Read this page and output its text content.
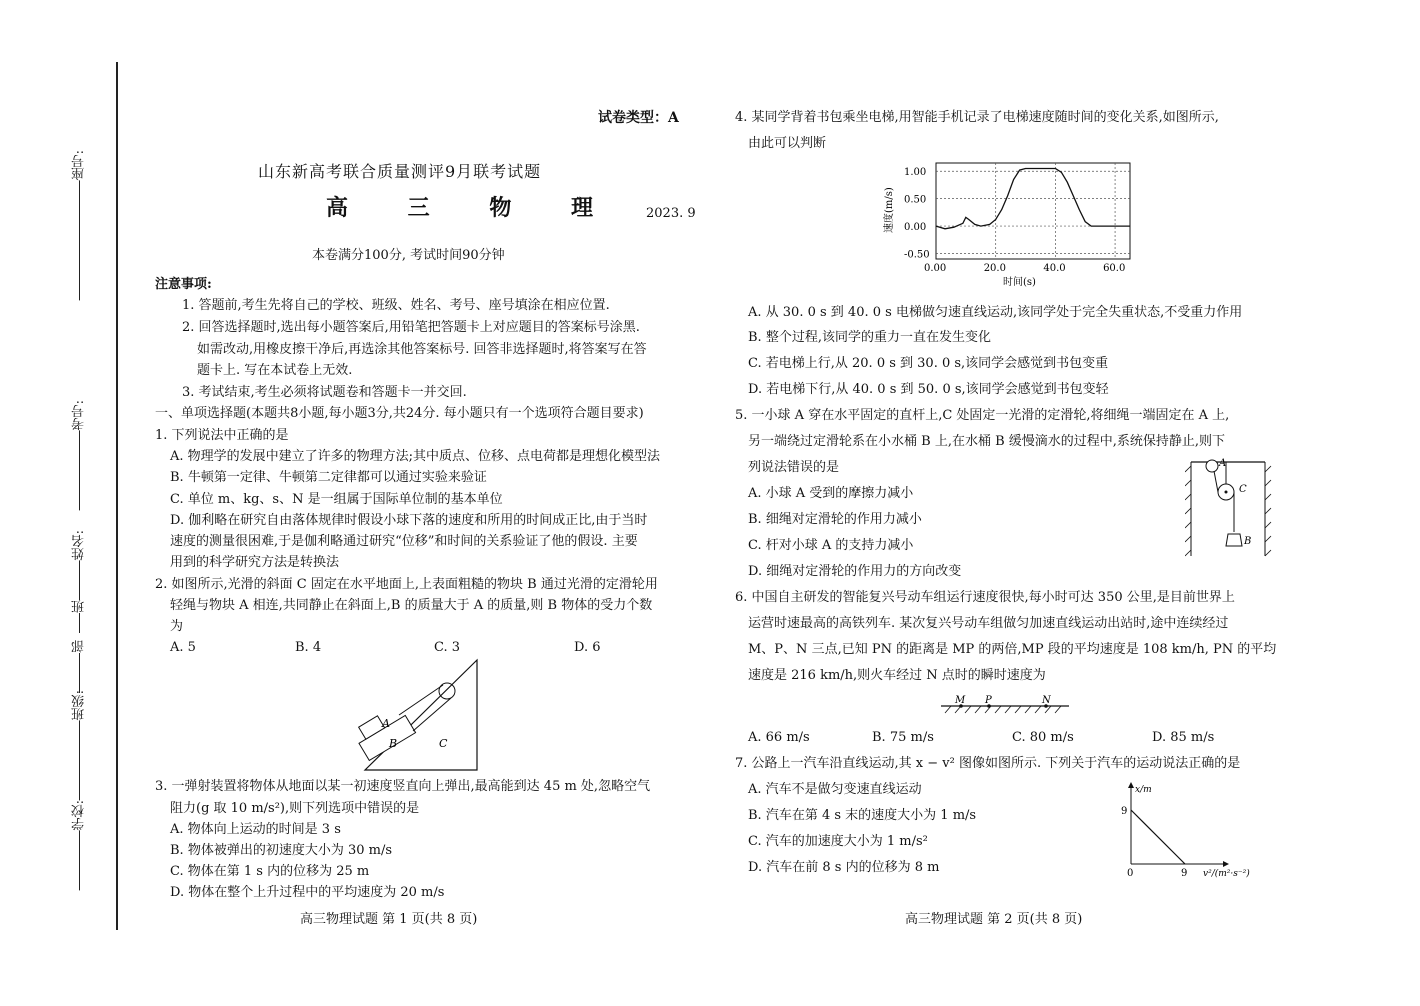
座号:
考号:
姓名:
班
部
班级:
学校:
试卷类型：A
山东新高考联合质量测评9月联考试题
高 三 物 理 2023. 9
本卷满分100分, 考试时间90分钟
注意事项:
1. 答题前,考生先将自己的学校、班级、姓名、考号、座号填涂在相应位置.
2. 回答选择题时,选出每小题答案后,用铅笔把答题卡上对应题目的答案标号涂黑.
如需改动,用橡皮擦干净后,再选涂其他答案标号. 回答非选择题时,将答案写在答
题卡上. 写在本试卷上无效.
3. 考试结束,考生必须将试题卷和答题卡一并交回.
一、单项选择题(本题共8小题,每小题3分,共24分. 每小题只有一个选项符合题目要求)
1. 下列说法中正确的是
A. 物理学的发展中建立了许多的物理方法;其中质点、位移、点电荷都是理想化模型法
B. 牛顿第一定律、牛顿第二定律都可以通过实验来验证
C. 单位 m、kg、s、N 是一组属于国际单位制的基本单位
D. 伽利略在研究自由落体规律时假设小球下落的速度和所用的时间成正比,由于当时
速度的测量很困难,于是伽利略通过研究“位移”和时间的关系验证了他的假设. 主要
用到的科学研究方法是转换法
2. 如图所示,光滑的斜面 C 固定在水平地面上,上表面粗糙的物块 B 通过光滑的定滑轮用
轻绳与物块 A 相连,共同静止在斜面上,B 的质量大于 A 的质量,则 B 物体的受力个数
为
A. 5	B. 4	C. 3	D. 6
A
B	C
3. 一弹射装置将物体从地面以某一初速度竖直向上弹出,最高能到达 45 m 处,忽略空气
阻力(g 取 10 m/s²),则下列选项中错误的是
A. 物体向上运动的时间是 3 s
B. 物体被弹出的初速度大小为 30 m/s
C. 物体在第 1 s 内的位移为 25 m
D. 物体在整个上升过程中的平均速度为 20 m/s
高三物理试题 第 1 页(共 8 页)
4. 某同学背着书包乘坐电梯,用智能手机记录了电梯速度随时间的变化关系,如图所示,
由此可以判断
0.00	20.0	40.0	60.0
1.00
0.50
0.00
-0.50
速度(m/s)
时间(s)
A. 从 30. 0 s 到 40. 0 s 电梯做匀速直线运动,该同学处于完全失重状态,不受重力作用
B. 整个过程,该同学的重力一直在发生变化
C. 若电梯上行,从 20. 0 s 到 30. 0 s,该同学会感觉到书包变重
D. 若电梯下行,从 40. 0 s 到 50. 0 s,该同学会感觉到书包变轻
5. 一小球 A 穿在水平固定的直杆上,C 处固定一光滑的定滑轮,将细绳一端固定在 A 上,
另一端绕过定滑轮系在小水桶 B 上,在水桶 B 缓慢滴水的过程中,系统保持静止,则下
列说法错误的是
A. 小球 A 受到的摩擦力减小
B. 细绳对定滑轮的作用力减小
C. 杆对小球 A 的支持力减小
D. 细绳对定滑轮的作用力的方向改变
A
C
B
6. 中国自主研发的智能复兴号动车组运行速度很快,每小时可达 350 公里,是目前世界上
运营时速最高的高铁列车. 某次复兴号动车组做匀加速直线运动出站时,途中连续经过
M、P、N 三点,已知 PN 的距离是 MP 的两倍,MP 段的平均速度是 108 km/h, PN 的平均
速度是 216 km/h,则火车经过 N 点时的瞬时速度为
M P	N
A. 66 m/s	B. 75 m/s	C. 80 m/s	D. 85 m/s
7. 公路上一汽车沿直线运动,其 x − v² 图像如图所示. 下列关于汽车的运动说法正确的是
A. 汽车不是做匀变速直线运动
B. 汽车在第 4 s 末的速度大小为 1 m/s
C. 汽车的加速度大小为 1 m/s²
D. 汽车在前 8 s 内的位移为 8 m
x/m
9
9
0	v²/(m²·s⁻²)
高三物理试题 第 2 页(共 8 页)
